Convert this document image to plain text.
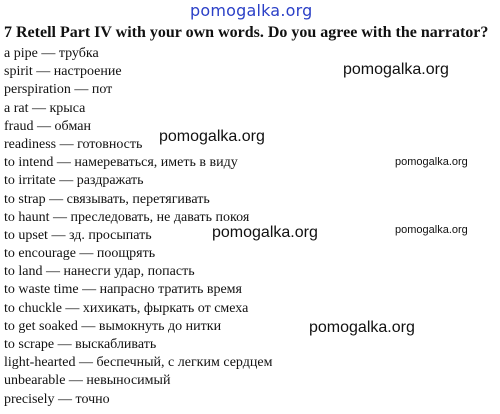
pomogalka.org
7 Retell Part IV with your own words. Do you agree with the narrator?
a pipe — трубка
spirit — настроение
perspiration — пот
a rat — крыса
fraud — обман
readiness — готовность
to intend — намереваться, иметь в виду
to irritate — раздражать
to strap — связывать, перетягивать
to haunt — преследовать, не давать покоя
to upset — зд. просыпать
to encourage — поощрять
to land — нанесги удар, попасть
to waste time — напрасно тратить время
to chuckle — хихикать, фыркать от смеха
to get soaked — вымокнуть до нитки
to scrape — выскабливать
light-hearted — беспечный, с легким сердцем
unbearable — невыносимый
precisely — точно
pomogalka.org
pomogalka.org
pomogalka.org
pomogalka.org	pomogalka.org
pomogalka.org
